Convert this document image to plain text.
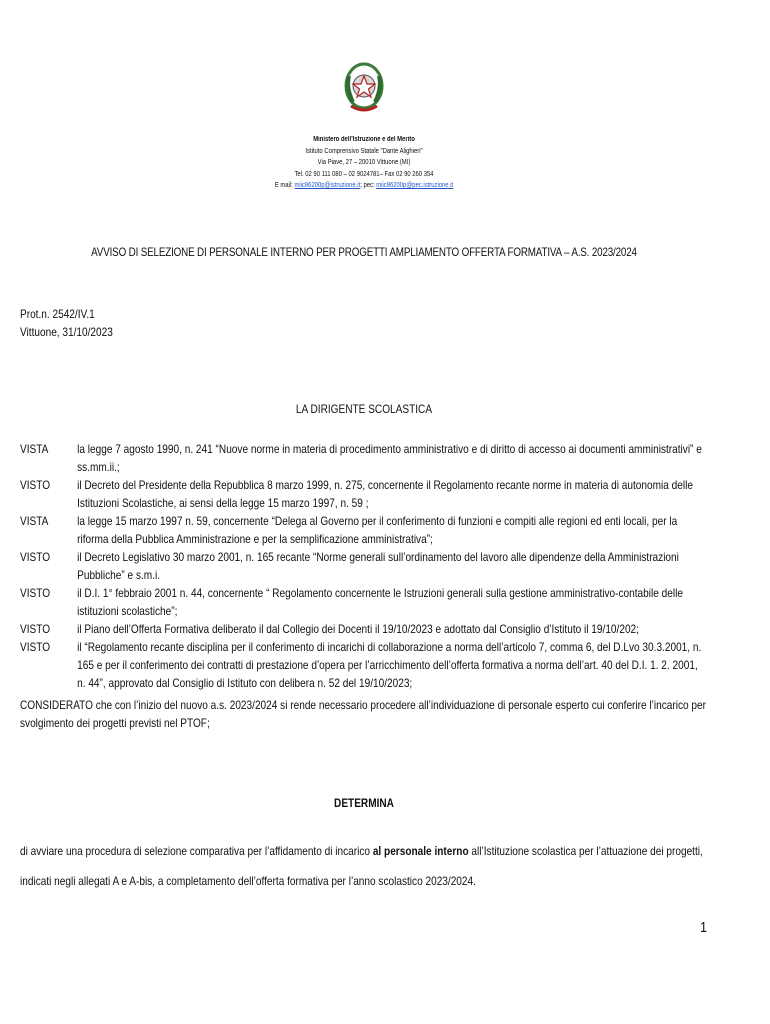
Ministero dell’Istruzione e del Merito
Istituto Comprensivo Statale "Dante Alighieri"
Via Piave, 27 – 20010 Vittuone (MI)
Tel. 02 90 111 080 – 02 9024781– Fax 02 90 260 354
E mail: miic86200p@istruzione.it; pec: miic86200p@pec.istruzione.it
AVVISO DI SELEZIONE DI PERSONALE INTERNO PER PROGETTI AMPLIAMENTO OFFERTA FORMATIVA – A.S. 2023/2024
Prot.n. 2542/IV.1
Vittuone, 31/10/2023
LA DIRIGENTE SCOLASTICA
VISTA	la legge 7 agosto 1990, n. 241 “Nuove norme in materia di procedimento amministrativo e di diritto di accesso ai documenti amministrativi” e ss.mm.ii.;
VISTO	il Decreto del Presidente della Repubblica 8 marzo 1999, n. 275, concernente il Regolamento recante norme in materia di autonomia delle Istituzioni Scolastiche, ai sensi della legge 15 marzo 1997, n. 59 ;
VISTA	la legge 15 marzo 1997 n. 59, concernente “Delega al Governo per il conferimento di funzioni e compiti alle regioni ed enti locali, per la riforma della Pubblica Amministrazione e per la semplificazione amministrativa”;
VISTO	il Decreto Legislativo 30 marzo 2001, n. 165 recante “Norme generali sull’ordinamento del lavoro alle dipendenze della Amministrazioni Pubbliche” e s.m.i.
VISTO	il D.I. 1° febbraio 2001 n. 44, concernente “ Regolamento concernente le Istruzioni generali sulla gestione amministrativo-contabile delle istituzioni scolastiche”;
VISTO	il Piano dell’Offerta Formativa deliberato il dal Collegio dei Docenti il 19/10/2023 e adottato dal Consiglio d’Istituto il 19/10/202;
VISTO	il “Regolamento recante disciplina per il conferimento di incarichi di collaborazione a norma dell’articolo 7, comma 6, del D.Lvo 30.3.2001, n. 165 e per il conferimento dei contratti di prestazione d’opera per l’arricchimento dell’offerta formativa a norma dell’art. 40 del D.I. 1. 2. 2001, n. 44”, approvato dal Consiglio di Istituto con delibera n. 52 del 19/10/2023;
CONSIDERATO che con l’inizio del nuovo a.s. 2023/2024 si rende necessario procedere all’individuazione di personale esperto cui conferire l’incarico per svolgimento dei progetti previsti nel PTOF;
DETERMINA
di avviare una procedura di selezione comparativa per l’affidamento di incarico al personale interno all’Istituzione scolastica per l’attuazione dei progetti, indicati negli allegati A e A-bis, a completamento dell’offerta formativa per l’anno scolastico 2023/2024.
1
